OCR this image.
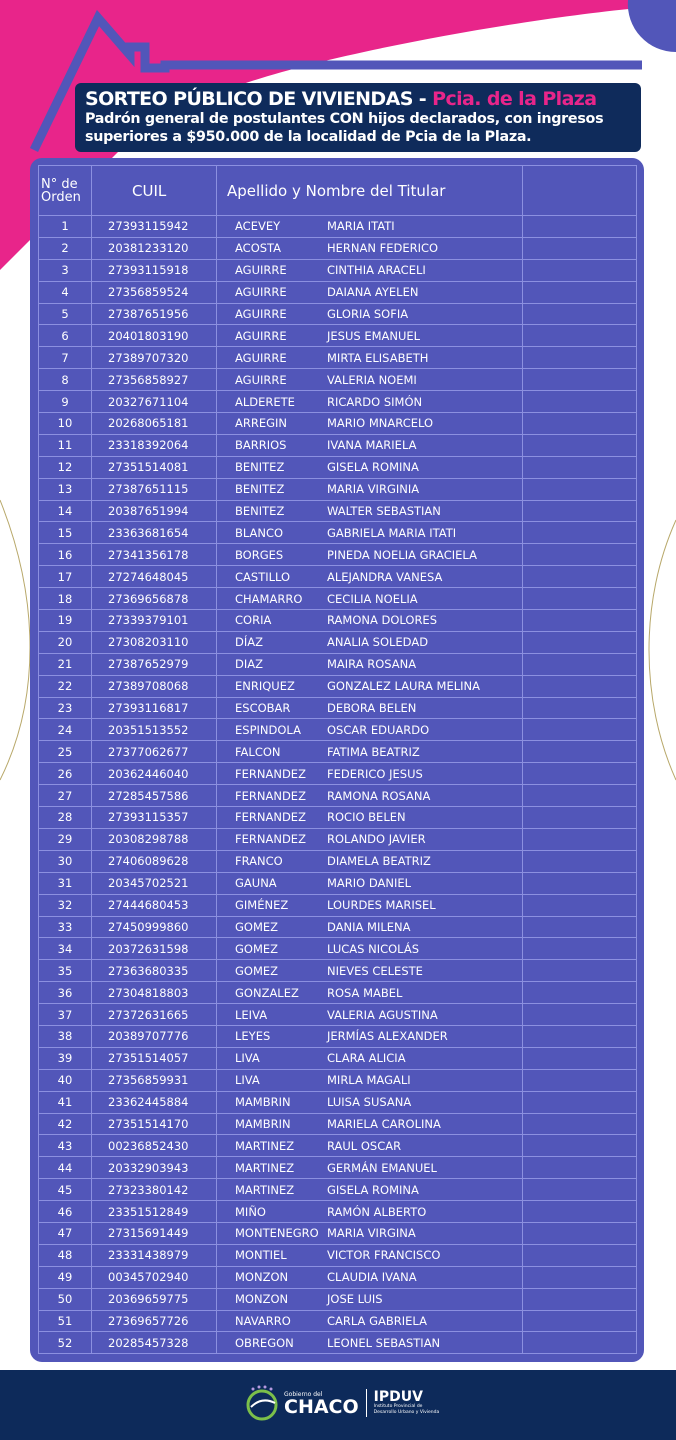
SORTEO PÚBLICO DE VIVIENDAS - Pcia. de la Plaza
Padrón general de postulantes CON hijos declarados, con ingresos
superiores a $950.000 de la localidad de Pcia de la Plaza.
N° de Orden	CUIL	Apellido y Nombre del Titular	
1	27393115942	ACEVEY MARIA ITATI	
2	20381233120	ACOSTA HERNAN FEDERICO	
3	27393115918	AGUIRRE CINTHIA ARACELI	
4	27356859524	AGUIRRE DAIANA AYELEN	
5	27387651956	AGUIRRE GLORIA SOFIA	
6	20401803190	AGUIRRE JESUS EMANUEL	
7	27389707320	AGUIRRE MIRTA ELISABETH	
8	27356858927	AGUIRRE VALERIA NOEMI	
9	20327671104	ALDERETE RICARDO SIMÓN	
10	20268065181	ARREGIN MARIO MNARCELO	
11	23318392064	BARRIOS IVANA MARIELA	
12	27351514081	BENITEZ GISELA ROMINA	
13	27387651115	BENITEZ MARIA VIRGINIA	
14	20387651994	BENITEZ WALTER SEBASTIAN	
15	23363681654	BLANCO GABRIELA MARIA ITATI	
16	27341356178	BORGES PINEDA NOELIA GRACIELA	
17	27274648045	CASTILLO ALEJANDRA VANESA	
18	27369656878	CHAMARRO CECILIA NOELIA	
19	27339379101	CORIA RAMONA DOLORES	
20	27308203110	DÍAZ ANALIA SOLEDAD	
21	27387652979	DIAZ MAIRA ROSANA	
22	27389708068	ENRIQUEZ GONZALEZ LAURA MELINA	
23	27393116817	ESCOBAR DEBORA BELEN	
24	20351513552	ESPINDOLA OSCAR EDUARDO	
25	27377062677	FALCON FATIMA BEATRIZ	
26	20362446040	FERNANDEZ FEDERICO JESUS	
27	27285457586	FERNANDEZ RAMONA ROSANA	
28	27393115357	FERNANDEZ ROCIO BELEN	
29	20308298788	FERNANDEZ ROLANDO JAVIER	
30	27406089628	FRANCO DIAMELA BEATRIZ	
31	20345702521	GAUNA MARIO DANIEL	
32	27444680453	GIMÉNEZ LOURDES MARISEL	
33	27450999860	GOMEZ DANIA MILENA	
34	20372631598	GOMEZ LUCAS NICOLÁS	
35	27363680335	GOMEZ NIEVES CELESTE	
36	27304818803	GONZALEZ ROSA MABEL	
37	27372631665	LEIVA VALERIA AGUSTINA	
38	20389707776	LEYES JERMÍAS ALEXANDER	
39	27351514057	LIVA CLARA ALICIA	
40	27356859931	LIVA MIRLA MAGALI	
41	23362445884	MAMBRIN LUISA SUSANA	
42	27351514170	MAMBRIN MARIELA CAROLINA	
43	00236852430	MARTINEZ RAUL OSCAR	
44	20332903943	MARTINEZ GERMÁN EMANUEL	
45	27323380142	MARTINEZ GISELA ROMINA	
46	23351512849	MIÑO RAMÓN ALBERTO	
47	27315691449	MONTENEGRO MARIA VIRGINA	
48	23331438979	MONTIEL VICTOR FRANCISCO	
49	00345702940	MONZON CLAUDIA IVANA	
50	20369659775	MONZON JOSE LUIS	
51	27369657726	NAVARRO CARLA GABRIELA	
52	20285457328	OBREGON LEONEL SEBASTIAN	
Gobierno del
CHACO IPDUV
Instituto Provincial de
Desarrollo Urbano y Vivienda
